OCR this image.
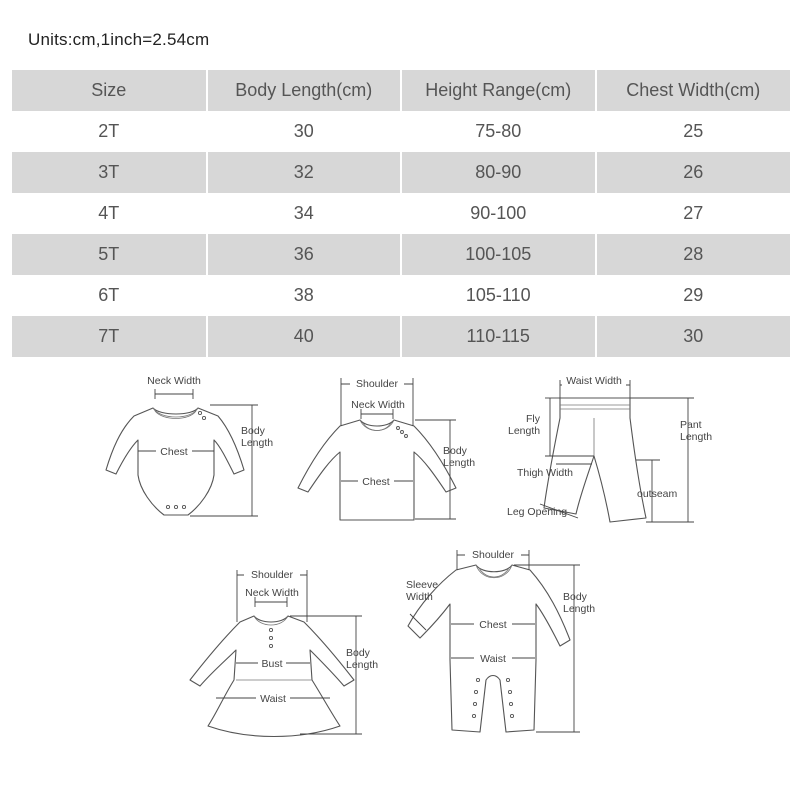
Units:cm,1inch=2.54cm
Size	Body Length(cm)	Height Range(cm)	Chest Width(cm)
2T	30	75-80	25
3T	32	80-90	26
4T	34	90-100	27
5T	36	100-105	28
6T	38	105-110	29
7T	40	110-115	30
Neck Width
Chest
Body
Length
Shoulder
Neck Width
Chest
Body
Length
Waist Width
Fly
Length	Pant
Length
Thigh Width
outseam
Leg Opening
Shoulder
Neck Width
Bust
Waist
Body
Length
Shoulder
Sleeve
Width
Chest
Waist
Body
Length
